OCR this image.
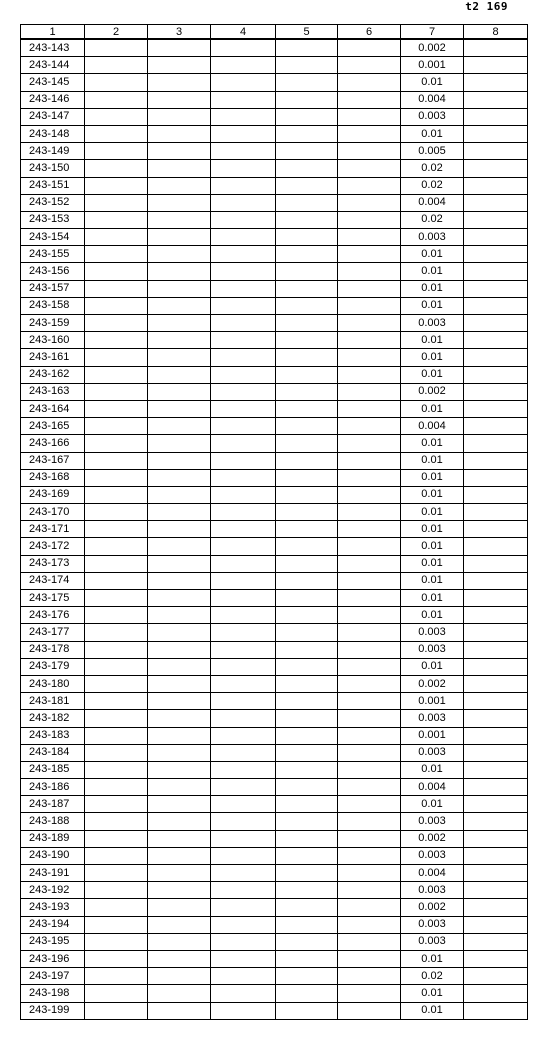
t2 169
1	2	3	4	5	6	7	8
243-143						0.002	
243-144						0.001	
243-145						0.01	
243-146						0.004	
243-147						0.003	
243-148						0.01	
243-149						0.005	
243-150						0.02	
243-151						0.02	
243-152						0.004	
243-153						0.02	
243-154						0.003	
243-155						0.01	
243-156						0.01	
243-157						0.01	
243-158						0.01	
243-159						0.003	
243-160						0.01	
243-161						0.01	
243-162						0.01	
243-163						0.002	
243-164						0.01	
243-165						0.004	
243-166						0.01	
243-167						0.01	
243-168						0.01	
243-169						0.01	
243-170						0.01	
243-171						0.01	
243-172						0.01	
243-173						0.01	
243-174						0.01	
243-175						0.01	
243-176						0.01	
243-177						0.003	
243-178						0.003	
243-179						0.01	
243-180						0.002	
243-181						0.001	
243-182						0.003	
243-183						0.001	
243-184						0.003	
243-185						0.01	
243-186						0.004	
243-187						0.01	
243-188						0.003	
243-189						0.002	
243-190						0.003	
243-191						0.004	
243-192						0.003	
243-193						0.002	
243-194						0.003	
243-195						0.003	
243-196						0.01	
243-197						0.02	
243-198						0.01	
243-199						0.01	
